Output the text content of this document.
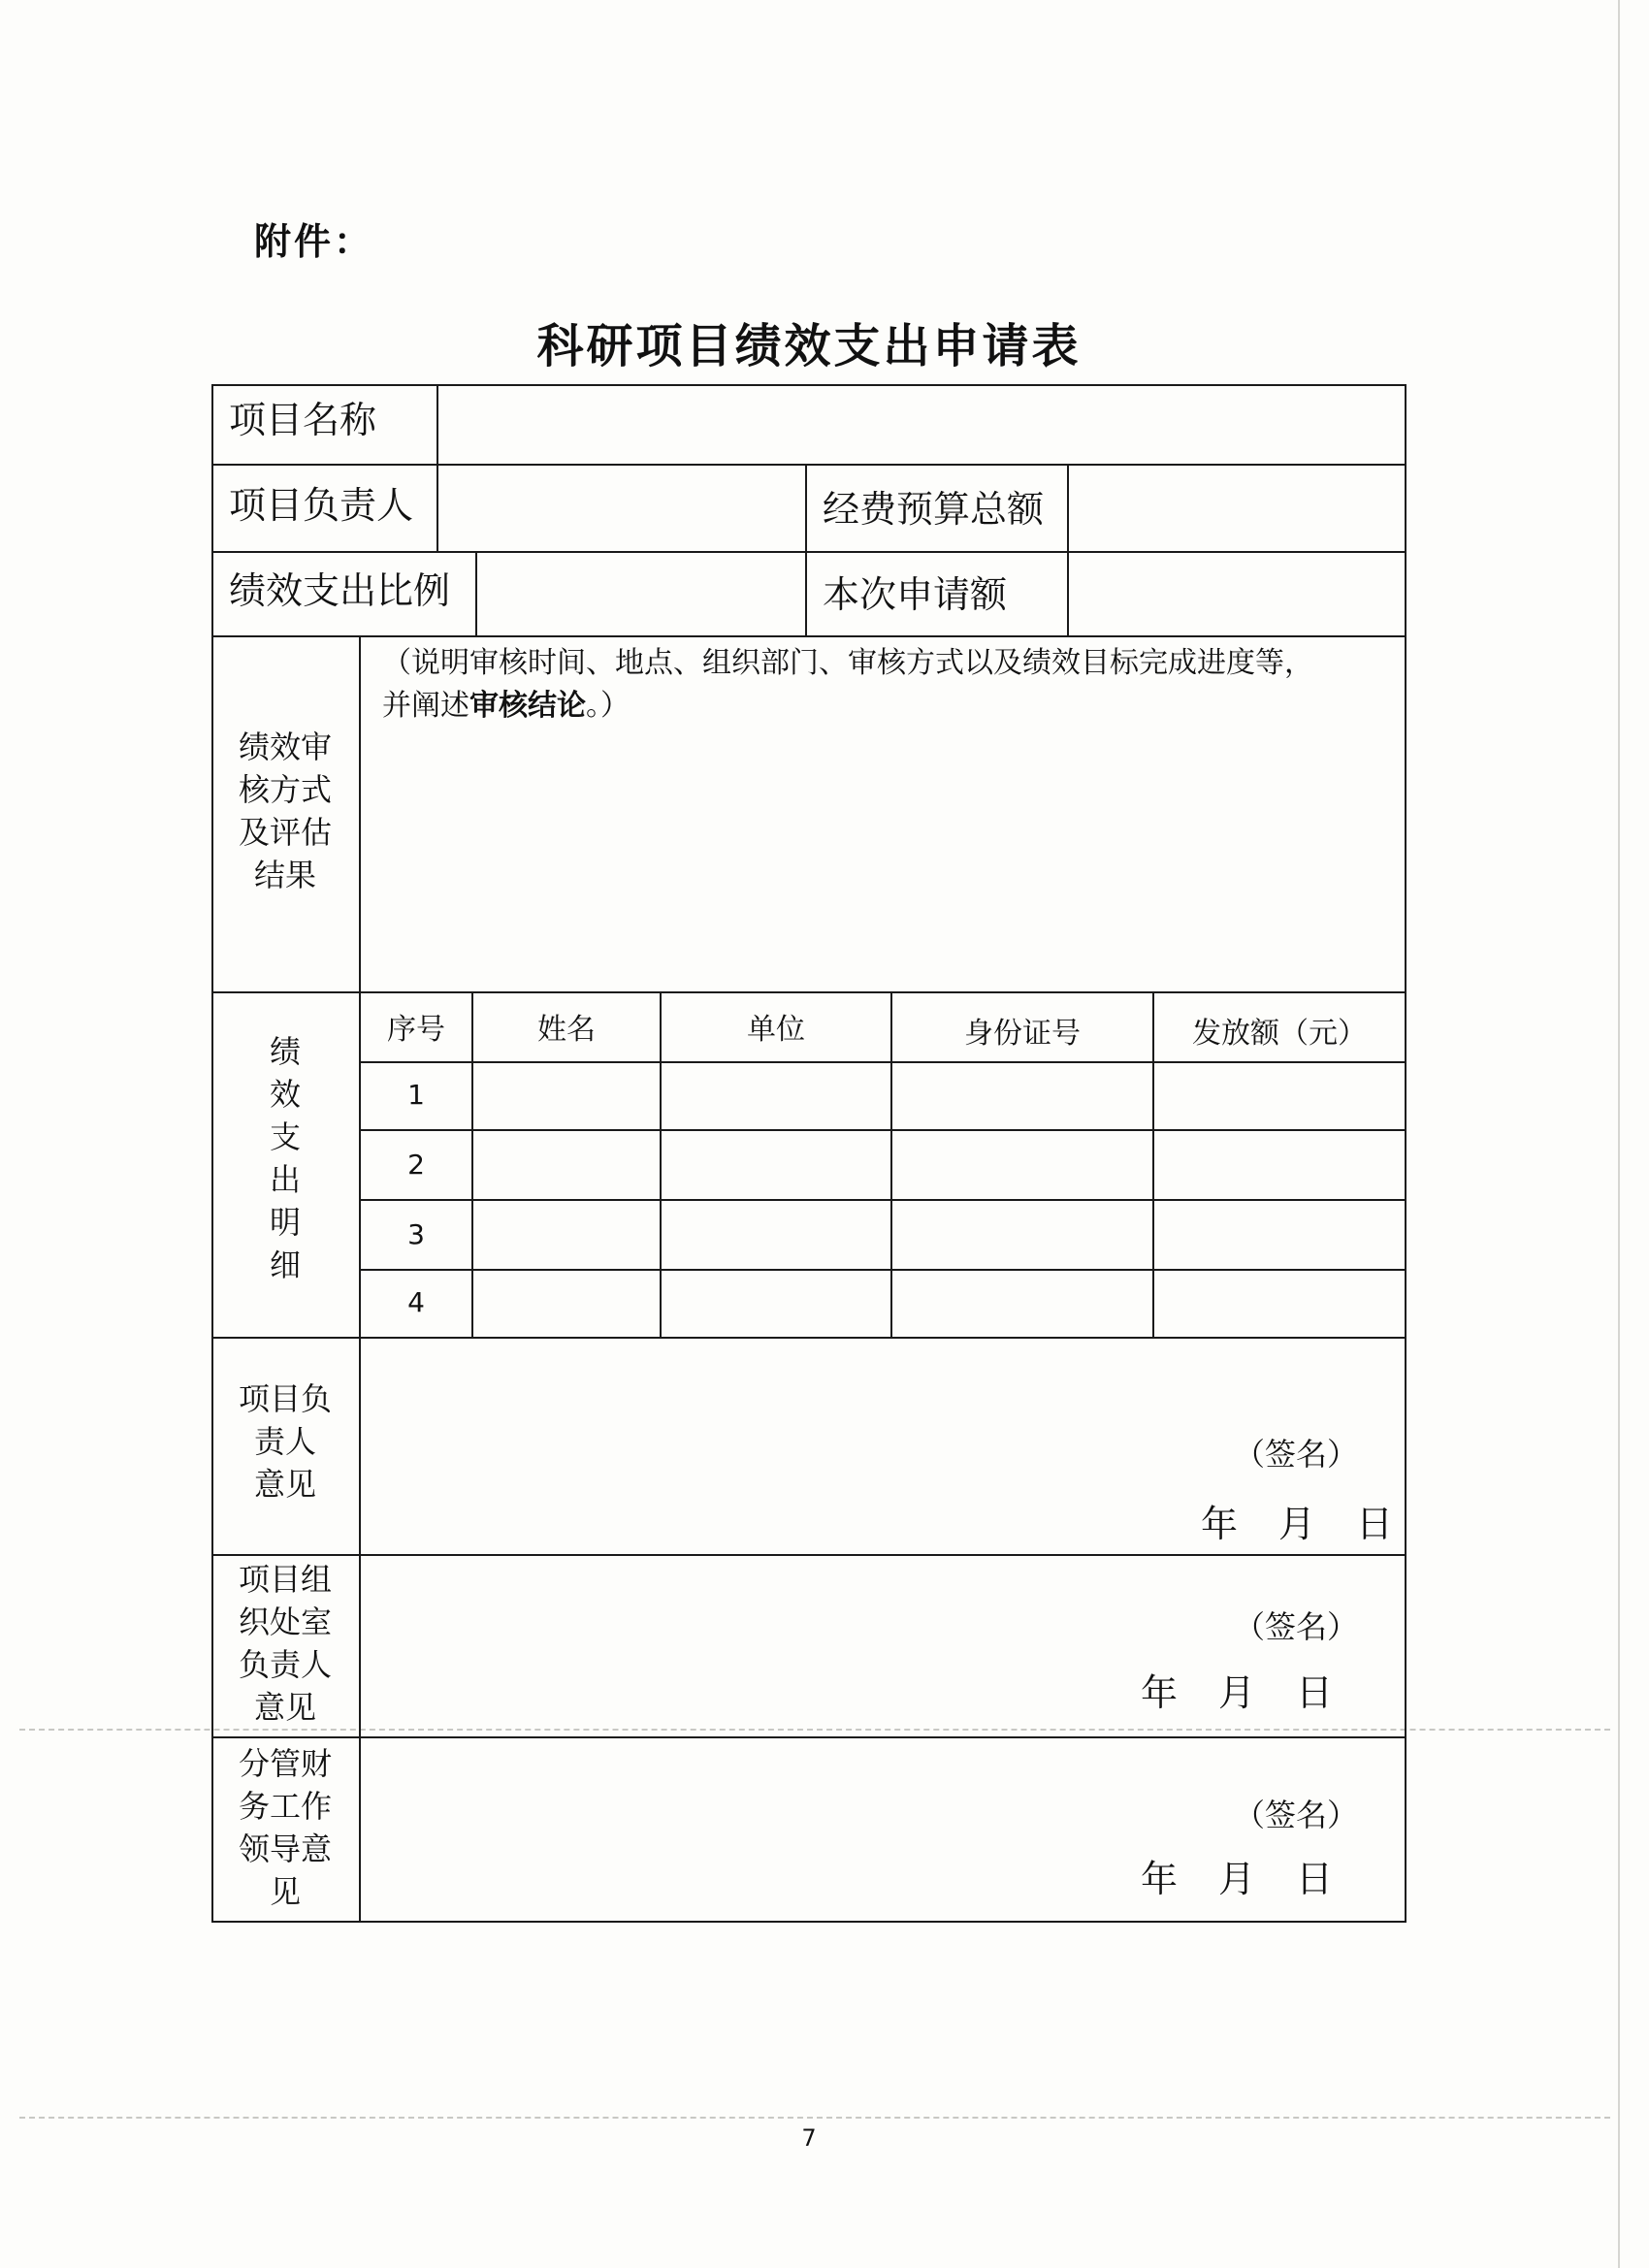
附件：
科研项目绩效支出申请表
项目名称
项目负责人	经费预算总额
绩效支出比例	本次申请额
绩效审
核方式
及评估
结果
（说明审核时间、地点、组织部门、审核方式以及绩效目标完成进度等，
并阐述审核结论。）
绩
效
支
出
明
细
序号	姓名	单位	身份证号	发放额（元）
1
2
3
4
项目负
责人
意见
（签名）
年　月　日
项目组
织处室
负责人
意见
（签名）
年　月　日
分管财
务工作
领导意
见
（签名）
年　月　日
7
